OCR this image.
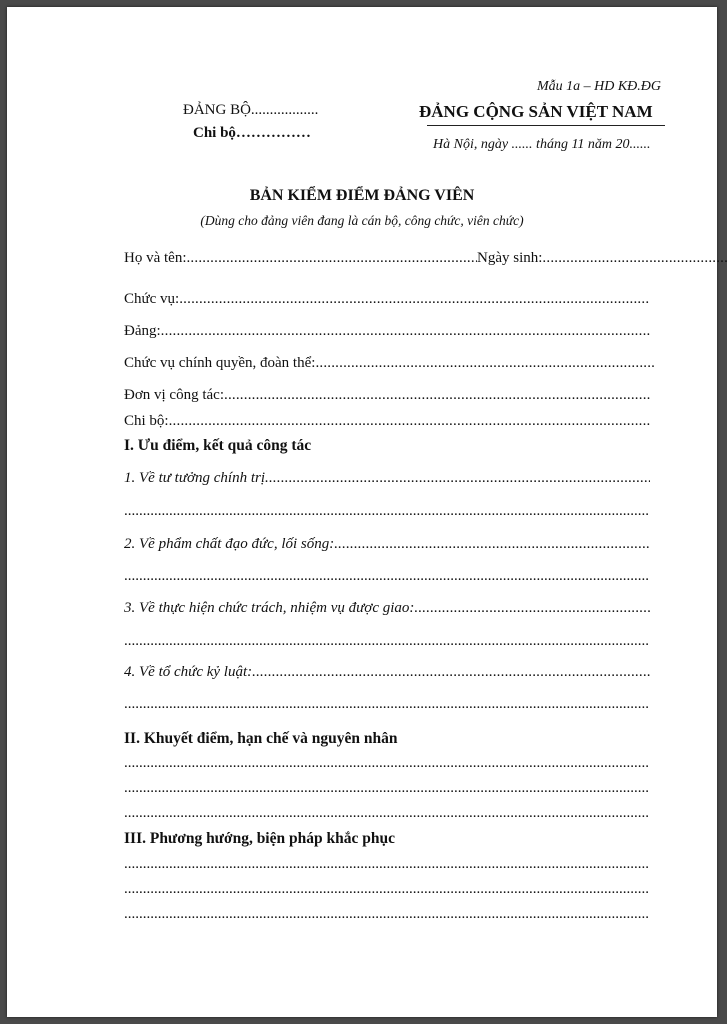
Mẫu 1a – HD KĐ.ĐG
ĐẢNG BỘ..................
Chi bộ……………
ĐẢNG CỘNG SẢN VIỆT NAM
Hà Nội, ngày ...... tháng 11 năm 20......
BẢN KIỂM ĐIỂM ĐẢNG VIÊN
(Dùng cho đảng viên đang là cán bộ, công chức, viên chức)
Họ và tên:
.....	Ngày sinh:
.....
Chức vụ:
.....
Đảng:
.....
Chức vụ chính quyền, đoàn thể:
.....
Đơn vị công tác:
.....
Chi bộ:
.....
I. Ưu điểm, kết quả công tác
1. Về tư tưởng chính trị
.....
.....
2. Về phẩm chất đạo đức, lối sống:
.....
.....
3. Về thực hiện chức trách, nhiệm vụ được giao:
.....
.....
4. Về tổ chức kỷ luật:
.....
.....
II. Khuyết điểm, hạn chế và nguyên nhân
.....
.....
.....
III. Phương hướng, biện pháp khắc phục
.....
.....
.....
